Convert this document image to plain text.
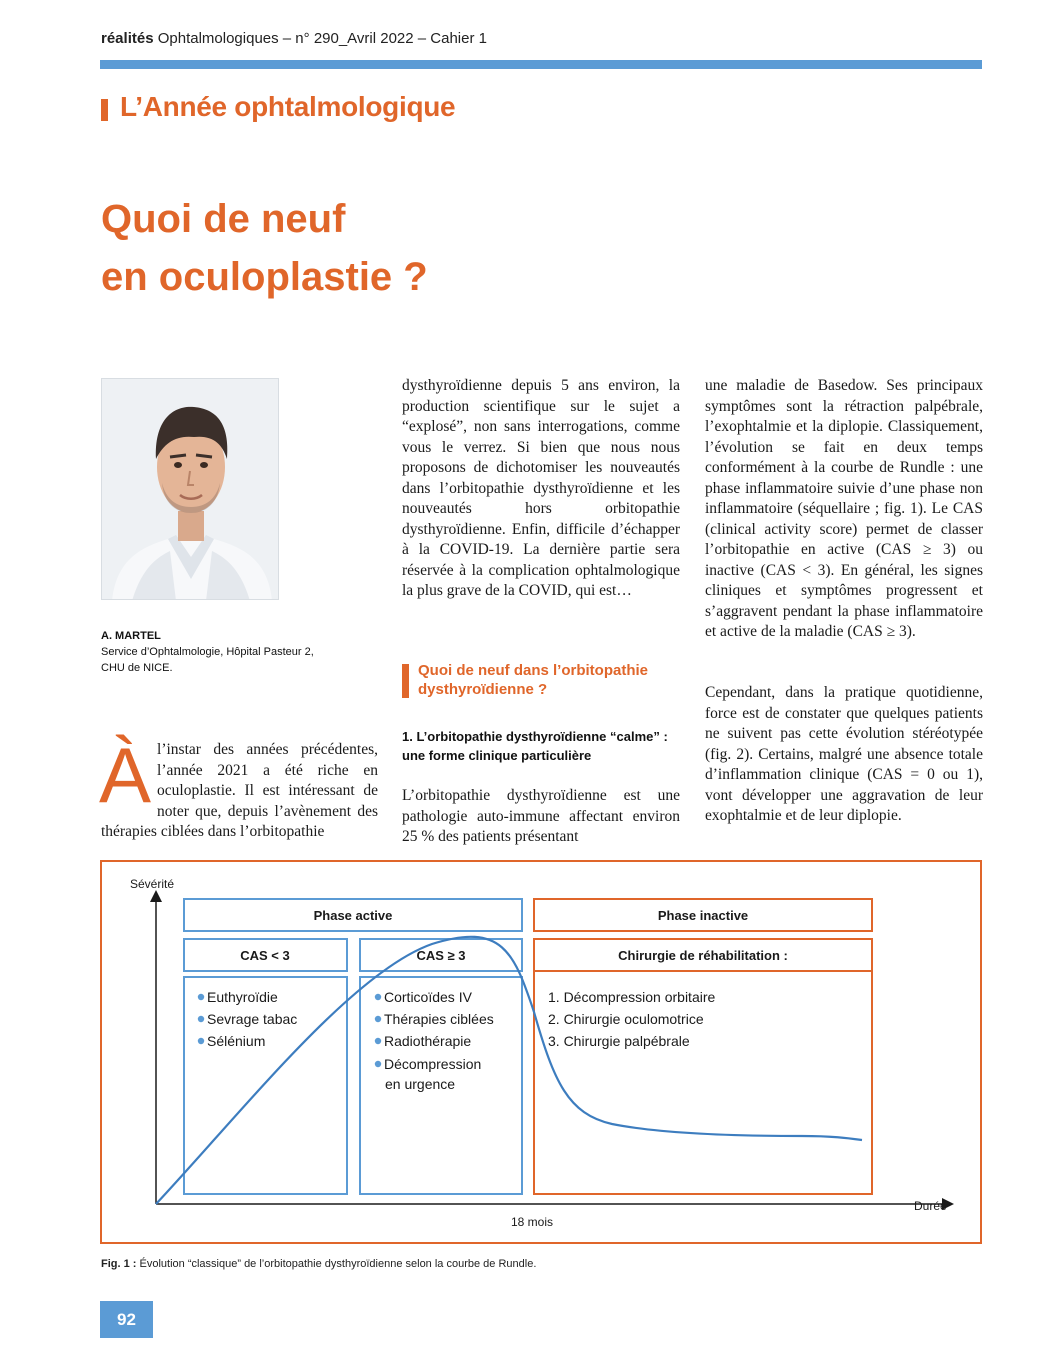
réalités Ophtalmologiques – n° 290_Avril 2022 – Cahier 1
L’Année ophtalmologique
Quoi de neuf
en oculoplastie ?
A. MARTEL
Service d’Ophtalmologie, Hôpital Pasteur 2,
CHU de NICE.
À l’instar des années précédentes, l’année 2021 a été riche en oculoplastie. Il est intéressant de noter que, depuis l’avènement des thérapies ciblées dans l’orbitopathie

dysthyroïdienne depuis 5 ans environ, la production scientifique sur le sujet a “explosé”, non sans interrogations, comme vous le verrez. Si bien que nous nous proposons de dichotomiser les nouveautés dans l’orbitopathie dysthyroïdienne et les nouveautés hors orbitopathie dysthyroïdienne. Enfin, difficile d’échapper à la COVID-19. La dernière partie sera réservée à la complication ophtalmologique la plus grave de la COVID, qui est…

Quoi de neuf dans l’orbitopathie dysthyroïdienne ?
1. L’orbitopathie dysthyroïdienne “calme” : une forme clinique particulière

L’orbitopathie dysthyroïdienne est une pathologie auto-immune affectant environ 25 % des patients présentant

une maladie de Basedow. Ses principaux symptômes sont la rétraction palpébrale, l’exophtalmie et la diplopie. Classiquement, l’évolution se fait en deux temps conformément à la courbe de Rundle : une phase inflammatoire suivie d’une phase non inflammatoire (séquellaire ; fig. 1). Le CAS (clinical activity score) permet de classer l’orbitopathie en active (CAS ≥ 3) ou inactive (CAS < 3). En général, les signes cliniques et symptômes progressent et s’aggravent pendant la phase inflammatoire et active de la maladie (CAS ≥ 3).

Cependant, dans la pratique quotidienne, force est de constater que quelques patients ne suivent pas cette évolution stéréotypée (fig. 2). Certains, malgré une absence totale d’inflammation clinique (CAS = 0 ou 1), vont développer une aggravation de leur exophtalmie et de leur diplopie.

Sévérité
Durée
18 mois
Phase active	Phase inactive
CAS < 3	CAS ≥ 3	Chirurgie de réhabilitation :
Euthyroïdie
Sevrage tabac
Sélénium
Corticoïdes IV
Thérapies ciblées
Radiothérapie
Décompression
en urgence
1. Décompression orbitaire
2. Chirurgie oculomotrice
3. Chirurgie palpébrale
Fig. 1 : Évolution “classique” de l’orbitopathie dysthyroïdienne selon la courbe de Rundle.
92
